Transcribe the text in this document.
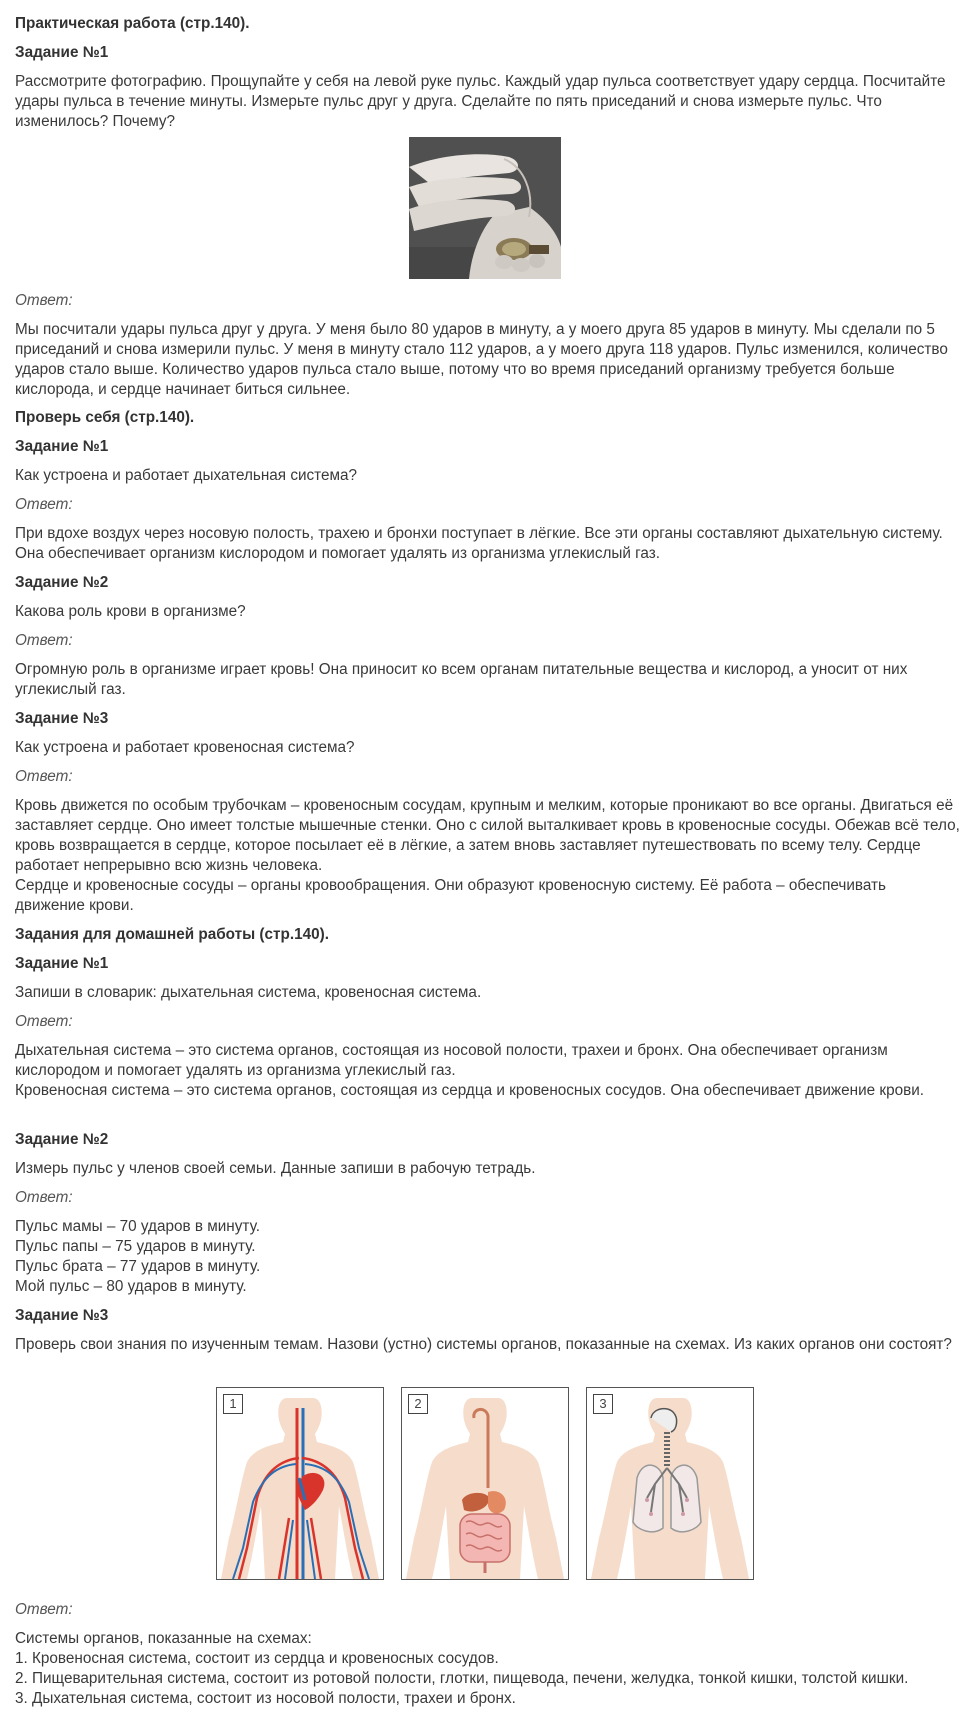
Практическая работа (стр.140).

Задание №1

Рассмотрите фотографию. Прощупайте у себя на левой руке пульс. Каждый удар пульса соответствует удару сердца. Посчитайте удары пульса в течение минуты. Измерьте пульс друг у друга. Сделайте по пять приседаний и снова измерьте пульс. Что изменилось? Почему?

Ответ:

Мы посчитали удары пульса друг у друга. У меня было 80 ударов в минуту, а у моего друга 85 ударов в минуту. Мы сделали по 5 приседаний и снова измерили пульс. У меня в минуту стало 112 ударов, а у моего друга 118 ударов. Пульс изменился, количество ударов стало выше. Количество ударов пульса стало выше, потому что во время приседаний организму требуется больше кислорода, и сердце начинает биться сильнее.

Проверь себя (стр.140).

Задание №1

Как устроена и работает дыхательная система?

Ответ:

При вдохе воздух через носовую полость, трахею и бронхи поступает в лёгкие. Все эти органы составляют дыхательную систему. Она обеспечивает организм кислородом и помогает удалять из организма углекислый газ.

Задание №2

Какова роль крови в организме?

Ответ:

Огромную роль в организме играет кровь! Она приносит ко всем органам питательные вещества и кислород, а уносит от них углекислый газ.

Задание №3

Как устроена и работает кровеносная система?

Ответ:

Кровь движется по особым трубочкам – кровеносным сосудам, крупным и мелким, которые проникают во все органы. Двигаться её заставляет сердце. Оно имеет толстые мышечные стенки. Оно с силой выталкивает кровь в кровеносные сосуды. Обежав всё тело, кровь возвращается в сердце, которое посылает её в лёгкие, а затем вновь заставляет путешествовать по всему телу. Сердце работает непрерывно всю жизнь человека.
Сердце и кровеносные сосуды – органы кровообращения. Они образуют кровеносную систему. Её работа – обеспечивать движение крови.

Задания для домашней работы (стр.140).

Задание №1

Запиши в словарик: дыхательная система, кровеносная система.

Ответ:

Дыхательная система – это система органов, состоящая из носовой полости, трахеи и бронх. Она обеспечивает организм кислородом и помогает удалять из организма углекислый газ.
Кровеносная система – это система органов, состоящая из сердца и кровеносных сосудов. Она обеспечивает движение крови.

Задание №2

Измерь пульс у членов своей семьи. Данные запиши в рабочую тетрадь.

Ответ:

Пульс мамы – 70 ударов в минуту.
Пульс папы – 75 ударов в минуту.
Пульс брата – 77 ударов в минуту.
Мой пульс – 80 ударов в минуту.

Задание №3

Проверь свои знания по изученным темам. Назови (устно) системы органов, показанные на схемах. Из каких органов они состоят?

1	2	3

Ответ:

Системы органов, показанные на схемах:
1. Кровеносная система, состоит из сердца и кровеносных сосудов.
2. Пищеварительная система, состоит из ротовой полости, глотки, пищевода, печени, желудка, тонкой кишки, толстой кишки.
3. Дыхательная система, состоит из носовой полости, трахеи и бронх.
